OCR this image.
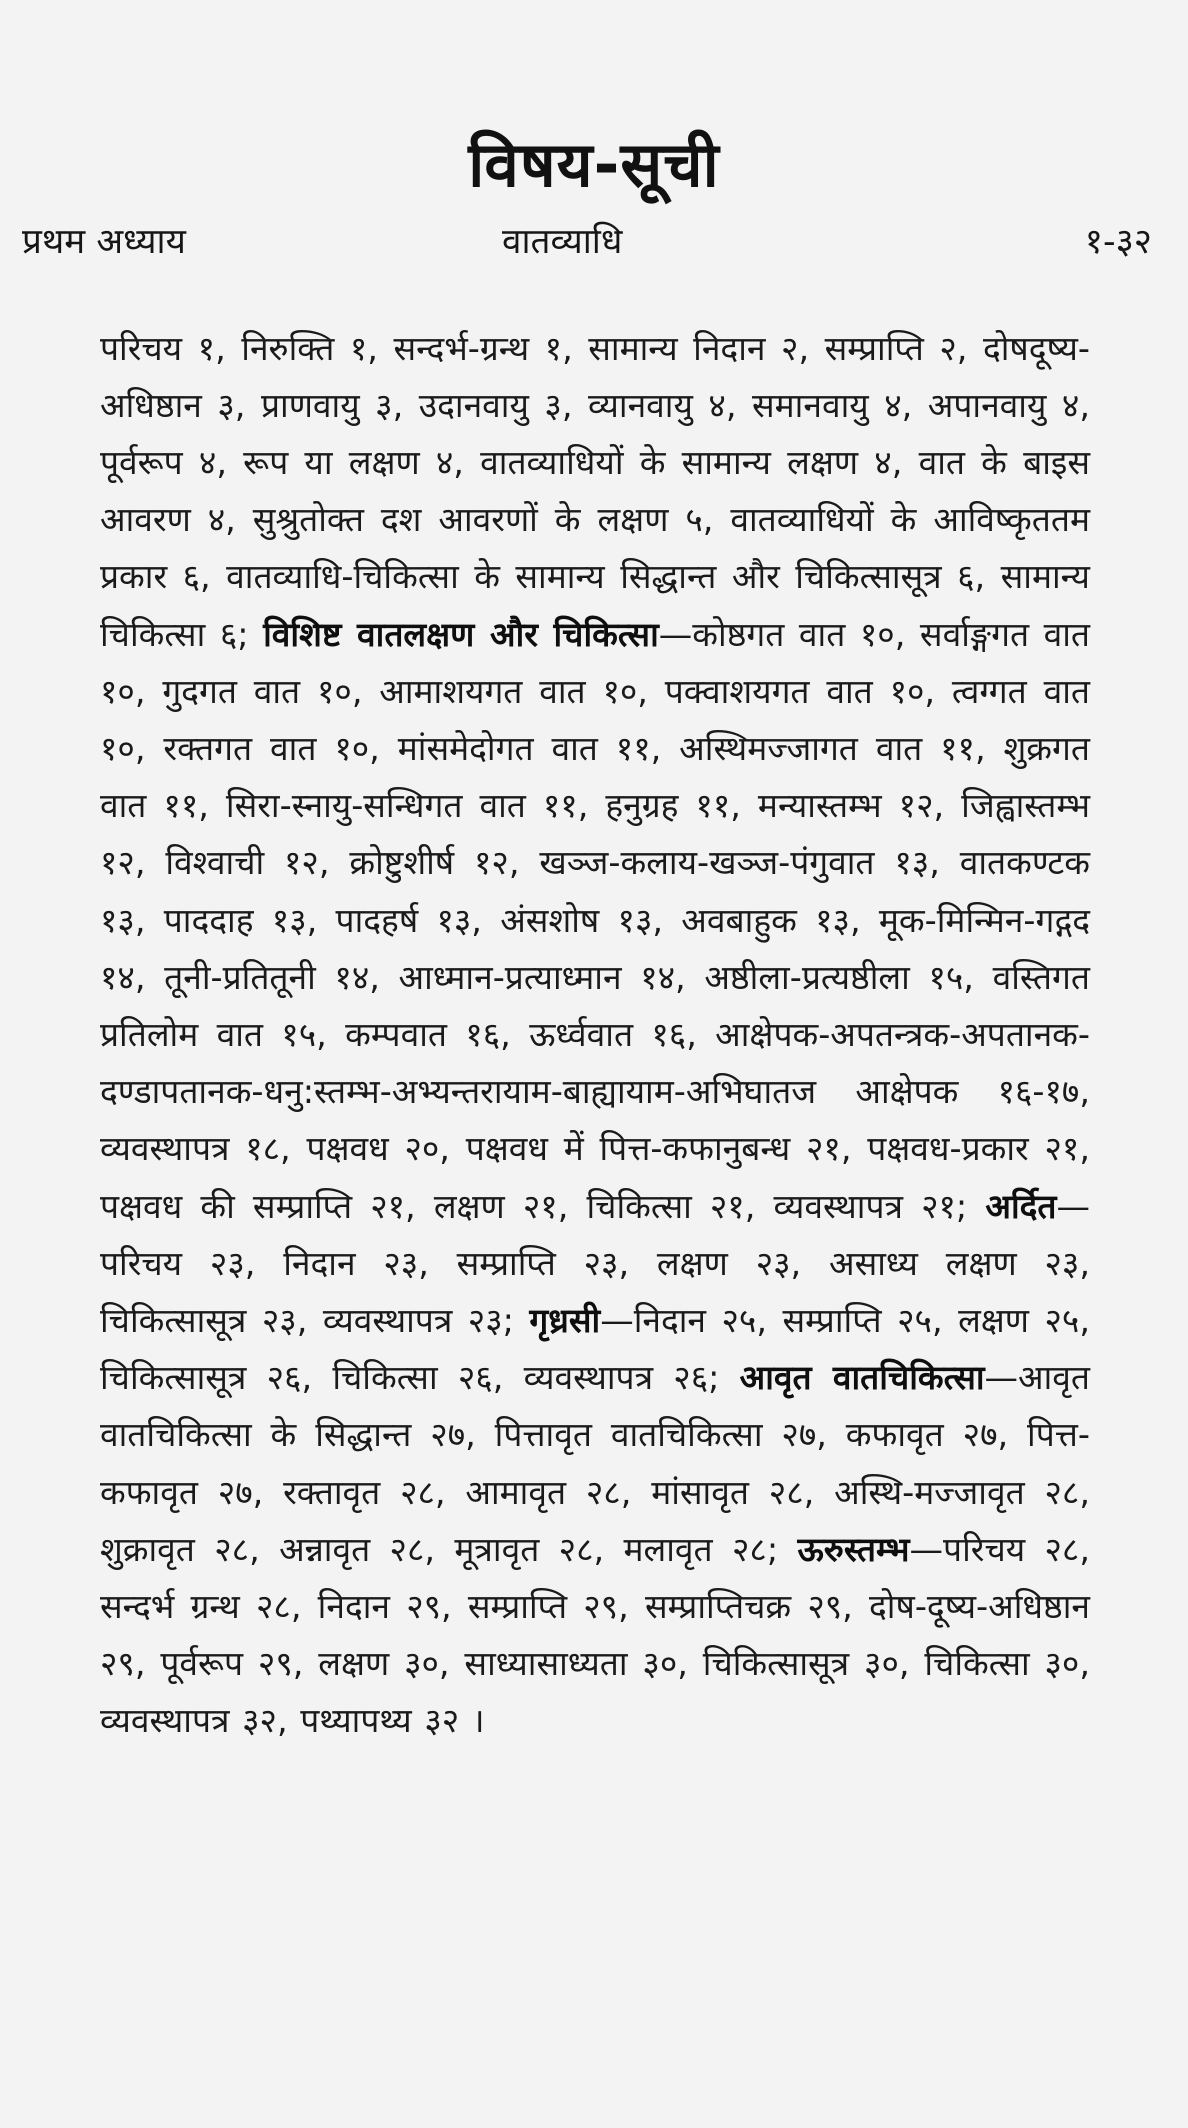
विषय-सूची
प्रथम अध्याय	वातव्याधि	१-३२

परिचय १, निरुक्ति १, सन्दर्भ-ग्रन्थ १, सामान्य निदान २, सम्प्राप्ति २, दोषदूष्य-अधिष्ठान ३, प्राणवायु ३, उदानवायु ३, व्यानवायु ४, समानवायु ४, अपानवायु ४, पूर्वरूप ४, रूप या लक्षण ४, वातव्याधियों के सामान्य लक्षण ४, वात के बाइस आवरण ४, सुश्रुतोक्त दश आवरणों के लक्षण ५, वातव्याधियों के आविष्कृततम प्रकार ६, वातव्याधि-चिकित्सा के सामान्य सिद्धान्त और चिकित्सासूत्र ६, सामान्य चिकित्सा ६; विशिष्ट वातलक्षण और चिकित्सा—कोष्ठगत वात १०, सर्वाङ्गगत वात १०, गुदगत वात १०, आमाशयगत वात १०, पक्वाशयगत वात १०, त्वग्गत वात १०, रक्तगत वात १०, मांसमेदोगत वात ११, अस्थिमज्जागत वात ११, शुक्रगत वात ११, सिरा-स्नायु-सन्धिगत वात ११, हनुग्रह ११, मन्यास्तम्भ १२, जिह्वास्तम्भ १२, विश्वाची १२, क्रोष्टुशीर्ष १२, खञ्ज-कलाय-खञ्ज-पंगुवात १३, वातकण्टक १३, पाददाह १३, पादहर्ष १३, अंसशोष १३, अवबाहुक १३, मूक-मिन्मिन-गद्गद १४, तूनी-प्रतितूनी १४, आध्मान-प्रत्याध्मान १४, अष्ठीला-प्रत्यष्ठीला १५, वस्तिगत प्रतिलोम वात १५, कम्पवात १६, ऊर्ध्ववात १६, आक्षेपक-अपतन्त्रक-अपतानक-दण्डापतानक-धनु:स्तम्भ-अभ्यन्तरायाम-बाह्यायाम-अभिघातज आक्षेपक १६-१७, व्यवस्थापत्र १८, पक्षवध २०, पक्षवध में पित्त-कफानुबन्ध २१, पक्षवध-प्रकार २१, पक्षवध की सम्प्राप्ति २१, लक्षण २१, चिकित्सा २१, व्यवस्थापत्र २१; अर्दित—परिचय २३, निदान २३, सम्प्राप्ति २३, लक्षण २३, असाध्य लक्षण २३, चिकित्सासूत्र २३, व्यवस्थापत्र २३; गृध्रसी—निदान २५, सम्प्राप्ति २५, लक्षण २५, चिकित्सासूत्र २६, चिकित्सा २६, व्यवस्थापत्र २६; आवृत वातचिकित्सा—आवृत वातचिकित्सा के सिद्धान्त २७, पित्तावृत वातचिकित्सा २७, कफावृत २७, पित्त-कफावृत २७, रक्तावृत २८, आमावृत २८, मांसावृत २८, अस्थि-मज्जावृत २८, शुक्रावृत २८, अन्नावृत २८, मूत्रावृत २८, मलावृत २८; ऊरुस्तम्भ—परिचय २८, सन्दर्भ ग्रन्थ २८, निदान २९, सम्प्राप्ति २९, सम्प्राप्तिचक्र २९, दोष-दूष्य-अधिष्ठान २९, पूर्वरूप २९, लक्षण ३०, साध्यासाध्यता ३०, चिकित्सासूत्र ३०, चिकित्सा ३०, व्यवस्थापत्र ३२, पथ्यापथ्य ३२ ।
